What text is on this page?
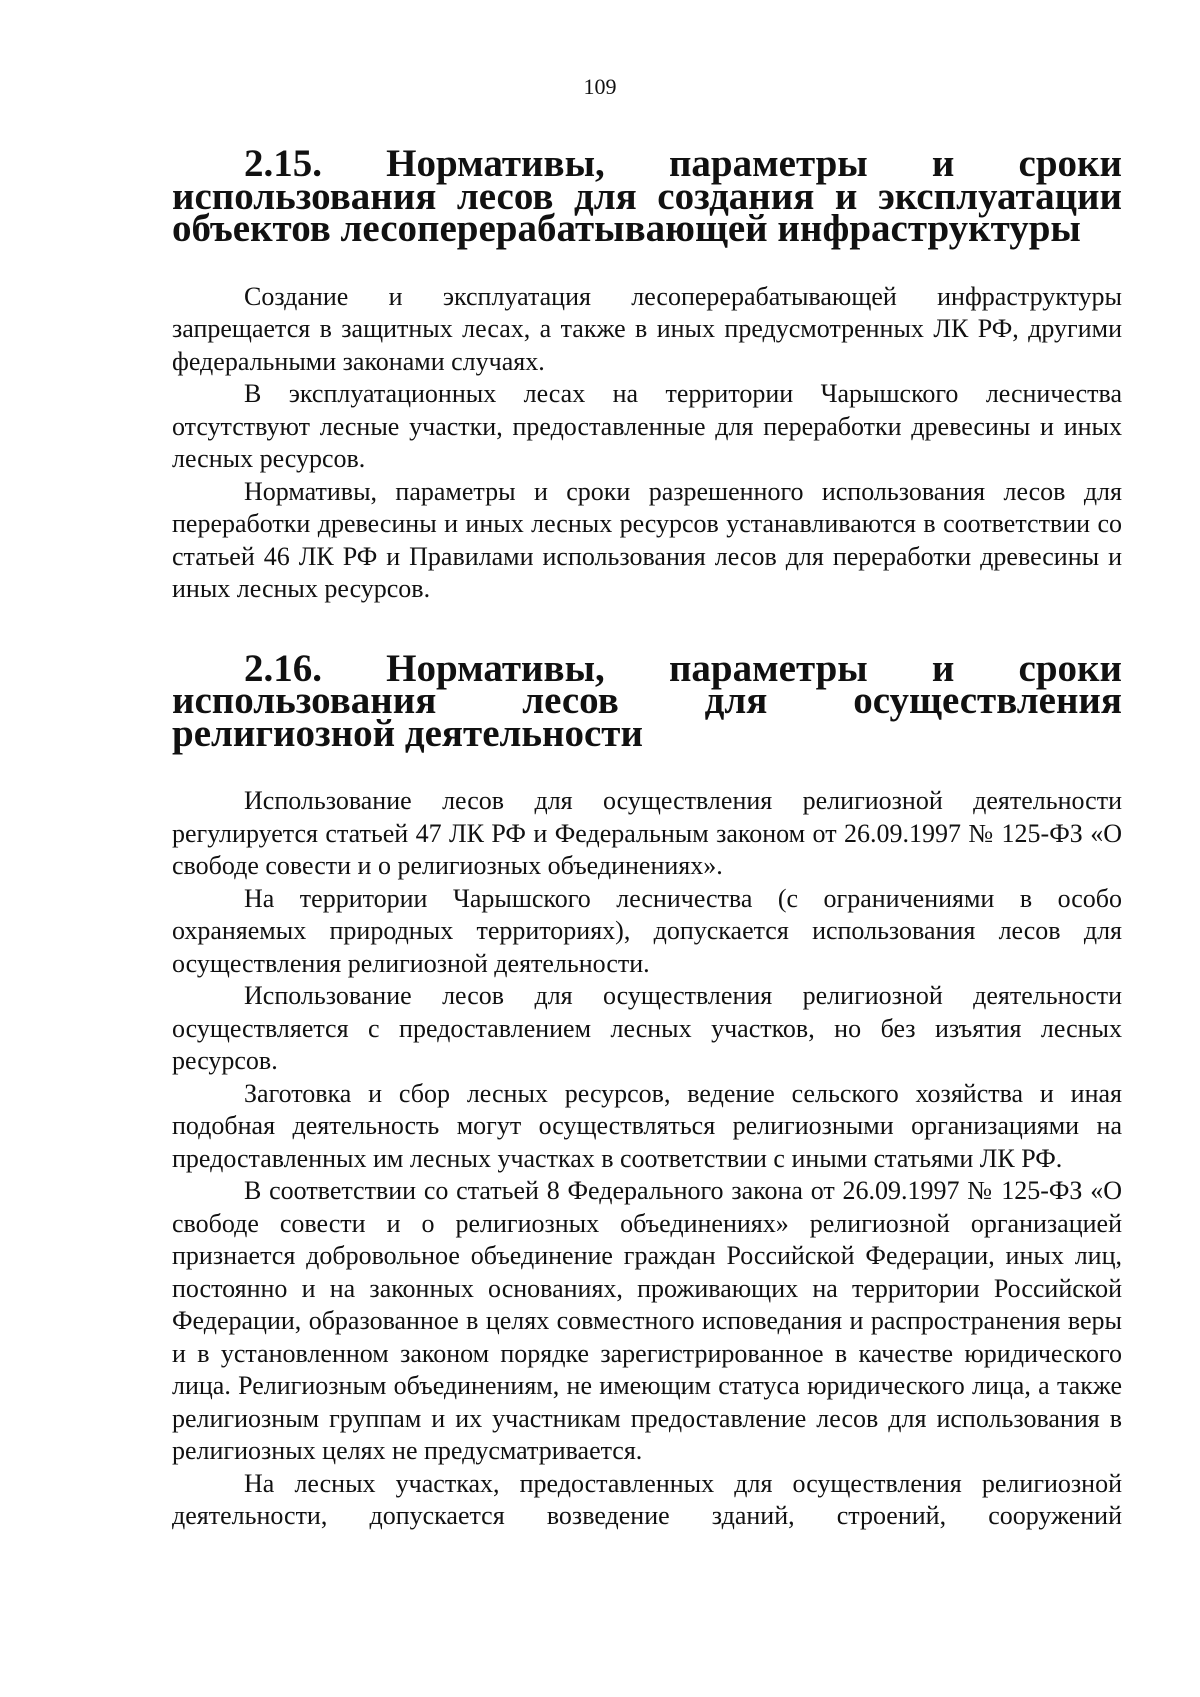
109
2.15. Нормативы, параметры и сроки использования лесов для создания и эксплуатации объектов лесоперерабатывающей инфраструктуры

Создание и эксплуатация лесоперерабатывающей инфраструктуры запрещается в защитных лесах, а также в иных предусмотренных ЛК РФ, другими федеральными законами случаях.

В эксплуатационных лесах на территории Чарышского лесничества отсутствуют лесные участки, предоставленные для переработки древесины и иных лесных ресурсов.

Нормативы, параметры и сроки разрешенного использования лесов для переработки древесины и иных лесных ресурсов устанавливаются в соответствии со статьей 46 ЛК РФ и Правилами использования лесов для переработки древесины и иных лесных ресурсов.

2.16. Нормативы, параметры и сроки использования лесов для осуществления религиозной деятельности

Использование лесов для осуществления религиозной деятельности регулируется статьей 47 ЛК РФ и Федеральным законом от 26.09.1997 № 125-ФЗ «О свободе совести и о религиозных объединениях».

На территории Чарышского лесничества (с ограничениями в особо охраняемых природных территориях), допускается использования лесов для осуществления религиозной деятельности.

Использование лесов для осуществления религиозной деятельности осуществляется с предоставлением лесных участков, но без изъятия лесных ресурсов.

Заготовка и сбор лесных ресурсов, ведение сельского хозяйства и иная подобная деятельность могут осуществляться религиозными организациями на предоставленных им лесных участках в соответствии с иными статьями ЛК РФ.

В соответствии со статьей 8 Федерального закона от 26.09.1997 № 125-ФЗ «О свободе совести и о религиозных объединениях» религиозной организацией признается добровольное объединение граждан Российской Федерации, иных лиц, постоянно и на законных основаниях, проживающих на территории Российской Федерации, образованное в целях совместного исповедания и распространения веры и в установленном законом порядке зарегистрированное в качестве юридического лица. Религиозным объединениям, не имеющим статуса юридического лица, а также религиозным группам и их участникам предоставление лесов для использования в религиозных целях не предусматривается.

На лесных участках, предоставленных для осуществления религиозной деятельности, допускается возведение зданий, строений, сооружений
